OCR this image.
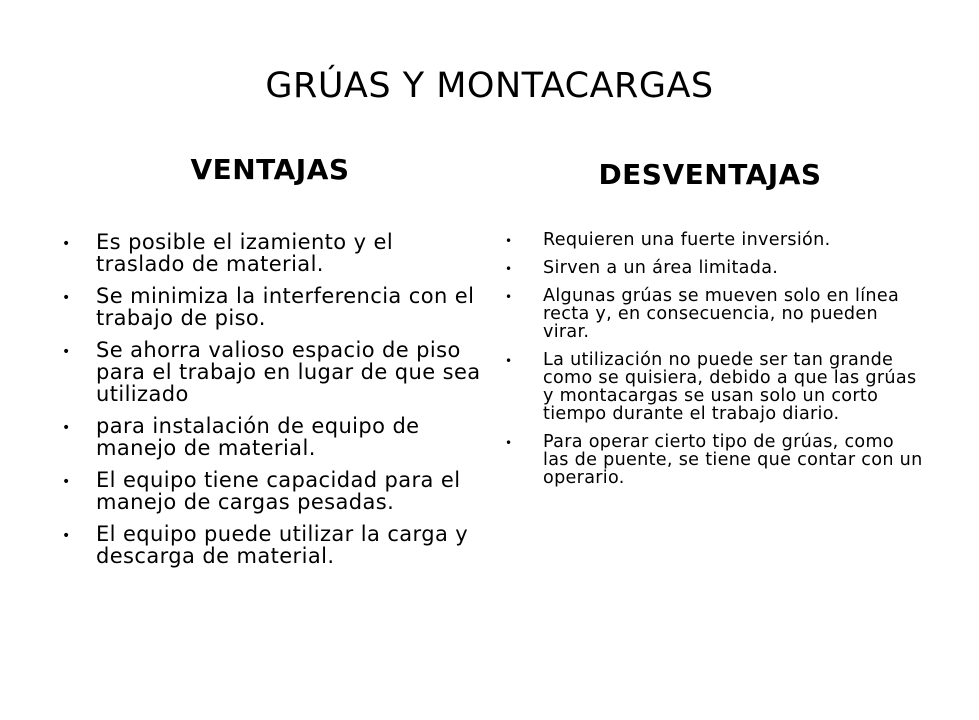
GRÚAS Y MONTACARGAS
VENTAJAS	DESVENTAJAS
• Es posible el izamiento y el traslado de material.
• Se minimiza la interferencia con el trabajo de piso.
• Se ahorra valioso espacio de piso para el trabajo en lugar de que sea utilizado
• para instalación de equipo de manejo de material.
• El equipo tiene capacidad para el manejo de cargas pesadas.
• El equipo puede utilizar la carga y descarga de material.
• Requieren una fuerte inversión.
• Sirven a un área limitada.
• Algunas grúas se mueven solo en línea recta y, en consecuencia, no pueden virar.
• La utilización no puede ser tan grande como se quisiera, debido a que las grúas y montacargas se usan solo un corto tiempo durante el trabajo diario.
• Para operar cierto tipo de grúas, como las de puente, se tiene que contar con un operario.
